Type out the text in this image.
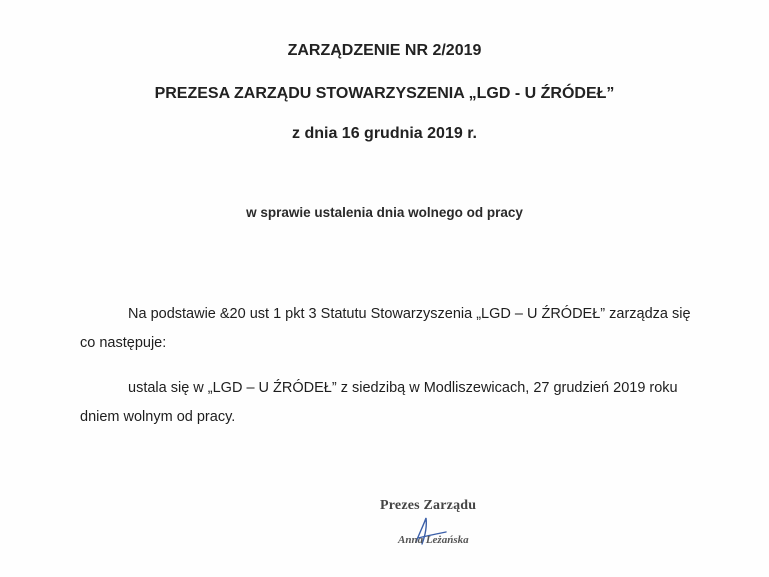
ZARZĄDZENIE NR 2/2019
PREZESA ZARZĄDU STOWARZYSZENIA „LGD - U ŹRÓDEŁ”
z dnia 16 grudnia 2019 r.
w sprawie ustalenia dnia wolnego od pracy
Na podstawie &20 ust 1 pkt 3 Statutu Stowarzyszenia „LGD – U ŹRÓDEŁ” zarządza się
co następuje:
ustala się w „LGD – U ŹRÓDEŁ” z siedzibą w Modliszewicach, 27 grudzień 2019 roku
dniem wolnym od pracy.
Prezes Zarządu
Anna Leżańska
